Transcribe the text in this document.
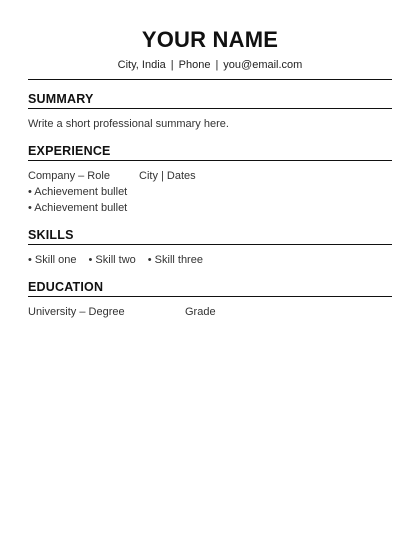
YOUR NAME
City, India | Phone | you@email.com
SUMMARY
Write a short professional summary here.
EXPERIENCE
Company – Role	City | Dates
• Achievement bullet
• Achievement bullet
SKILLS
• Skill one • Skill two • Skill three
EDUCATION
University – Degree	Grade
